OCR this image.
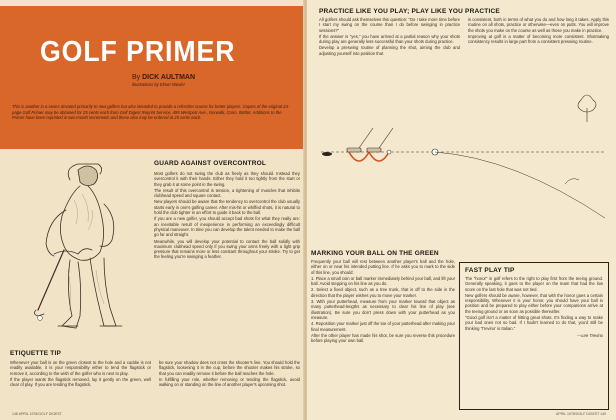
GOLF PRIMER
By DICK AULTMAN
Illustrations by Elmer Wexler
This is another in a series devoted primarily to new golfers but also intended to provide a refresher course for better players. Copies of the original 24-page Golf Primer may be obtained for 25 cents each from Golf Digest Reprint Service, 495 Westport Ave., Norwalk, Conn. 06856. Additions to the Primer have been reprinted in two-month increments and these also may be ordered at 25 cents each.
GUARD AGAINST OVERCONTROL

Most golfers do not swing the club as freely as they should. Instead they overcontrol it with their hands. Either they hold it too tightly from the start or they grab it at some point in the swing.

The result of this overcontrol is tension, a tightening of muscles that inhibits clubhead speed and square contact.

New players should be aware that the tendency to overcontrol the club usually starts early in one's golfing career. After mis-hit or whiffed shots, it is natural to hold the club tighter in an effort to guide it back to the ball.

If you are a new golfer, you should accept bad shots for what they really are: an inevitable result of inexperience in performing an exceedingly difficult physical maneuver. In time you can develop the talent needed to make the ball go far and straight.

Meanwhile, you will develop your potential to contact the ball solidly with maximum clubhead speed only if you swing your arms freely with a light grip pressure that remains more or less constant throughout your stroke. Try to get the feeling you're swinging a feather.

ETIQUETTE TIP

Whenever your ball is on the green closest to the hole and a caddie is not readily available, it is your responsibility either to tend the flagstick or remove it, according to the wish of the golfer who is next to play.

If the player wants the flagstick removed, lay it gently on the green, well clear of play. If you are tending the flagstick,

be sure your shadow does not cross the shooter's line. You should hold the flagstick, loosening it in the cup, before the shooter makes his stroke, so that you can readily remove it before the ball reaches the hole.

In fulfilling your role, whether removing or tending the flagstick, avoid walking on or standing on the line of another player's upcoming shot.

148 APRIL 1978/GOLF DIGEST
PRACTICE LIKE YOU PLAY; PLAY LIKE YOU PRACTICE

All golfers should ask themselves this question: "Do I take more time before I start my swing on the course than I do before swinging in practice sessions?"

If the answer is "yes," you have arrived at a partial reason why your shots during play are generally less successful than your shots during practice.

Develop a preswing routine of planning the shot, aiming the club and adjusting yourself into position that

is consistent, both in terms of what you do and how long it takes. Apply this routine on all shots, practice or otherwise—even on putts. You will improve the shots you make on the course as well as those you make in practice.

Improving at golf is a matter of becoming more consistent. Shotmaking consistency results in large part from a consistent preswing routine.

MARKING YOUR BALL ON THE GREEN

Frequently your ball will rest between another player's ball and the hole, either on or near his intended putting line. If he asks you to mark to the side of this line, you should:

1. Place a small coin or ball marker immediately behind your ball, and lift your ball. Avoid stepping on his line as you do.

2. Select a fixed object, such as a tree trunk, that is off to the side in the direction that the player wishes you to move your marker.

3. With your putterhead, measure from your marker toward that object as many putterhead-lengths as necessary to clear his line of play (see illustration). Be sure you don't press down with your putterhead as you measure.

4. Reposition your marker just off the toe of your putterhead after making your final measurement.

After the other player has made his shot, be sure you reverse this procedure before playing your own ball.

FAST PLAY TIP

The "honor" in golf refers to the right to play first from the teeing ground. Generally speaking, it goes to the player on the team that had the low score on the last hole that was not tied.

New golfers should be aware, however, that with the honor goes a certain responsibility. Whenever it is your honor, you should have your ball in position and be prepared to play either before your companions arrive at the teeing ground or as soon as possible thereafter.

"Good golf isn't a matter of hitting great shots. It's finding a way to make your bad ones not so bad. If I hadn't learned to do that, you'd still be thinking 'Trevino' is Italian."

—Lee Trevino
APRIL 1978/GOLF DIGEST 149
